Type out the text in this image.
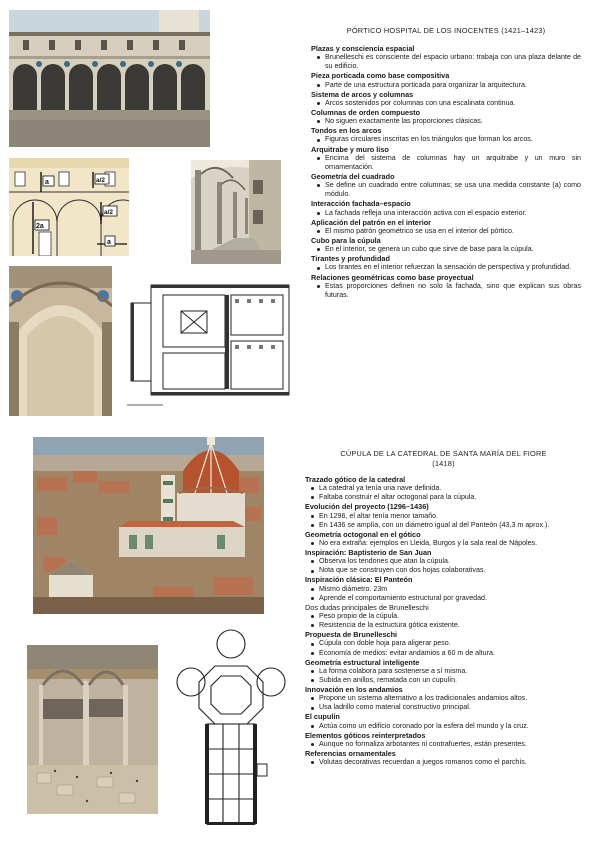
a	a/2
2a
a/2
a
PÓRTICO HOSPITAL DE LOS INOCENTES (1421–1423)
Plazas y consciencia espacial
Brunelleschi es consciente del espacio urbano: trabaja con una plaza delante de su edificio.
Pieza porticada como base compositiva
Parte de una estructura porticada para organizar la arquitectura.
Sistema de arcos y columnas
Arcos sostenidos por columnas con una escalinata continua.
Columnas de orden compuesto
No siguen exactamente las proporciones clásicas.
Tondos en los arcos
Figuras circulares inscritas en los triángulos que forman los arcos.
Arquitrabe y muro liso
Encima del sistema de columnas hay un arquitrabe y un muro sin ornamentación.
Geometría del cuadrado
Se define un cuadrado entre columnas; se usa una medida constante (a) como módulo.
Interacción fachada–espacio
La fachada refleja una interacción activa con el espacio exterior.
Aplicación del patrón en el interior
El mismo patrón geométrico se usa en el interior del pórtico.
Cubo para la cúpula
En el interior, se genera un cubo que sirve de base para la cúpula.
Tirantes y profundidad
Los tirantes en el interior refuerzan la sensación de perspectiva y profundidad.
Relaciones geométricas como base proyectual
Estas proporciones definen no solo la fachada, sino que explican sus obras futuras.
CÚPULA DE LA CATEDRAL DE SANTA MARÍA DEL FIORE
(1418)
Trazado gótico de la catedral
La catedral ya tenía una nave definida.
Faltaba construir el altar octogonal para la cúpula.
Evolución del proyecto (1296–1436)
En 1296, el altar tenía menor tamaño.
En 1436 se amplía, con un diámetro igual al del Panteón (43,3 m aprox.).
Geometría octogonal en el gótico
No era extraña: ejemplos en Lleida, Burgos y la sala real de Nápoles.
Inspiración: Baptisterio de San Juan
Observa los tendones que atan la cúpula.
Nota que se construyen con dos hojas colaborativas.
Inspiración clásica: El Panteón
Mismo diámetro. 23m
Aprende el comportamiento estructural por gravedad.
Dos dudas principales de Brunelleschi
Peso propio de la cúpula.
Resistencia de la estructura gótica existente.
Propuesta de Brunelleschi
Cúpula con doble hoja para aligerar peso.
Economía de medios: evitar andamios a 60 m de altura.
Geometría estructural inteligente
La forma colabora para sostenerse a sí misma.
Subida en anillos, rematada con un cupulín.
Innovación en los andamios
Propone un sistema alternativo a los tradicionales andamios altos.
Usa ladrillo como material constructivo principal.
El cupulín
Actúa como un edificio coronado por la esfera del mundo y la cruz.
Elementos góticos reinterpretados
Aunque no formaliza arbotantes ni contrafuertes, están presentes.
Referencias ornamentales
Volutas decorativas recuerdan a juegos romanos como el parchís.
